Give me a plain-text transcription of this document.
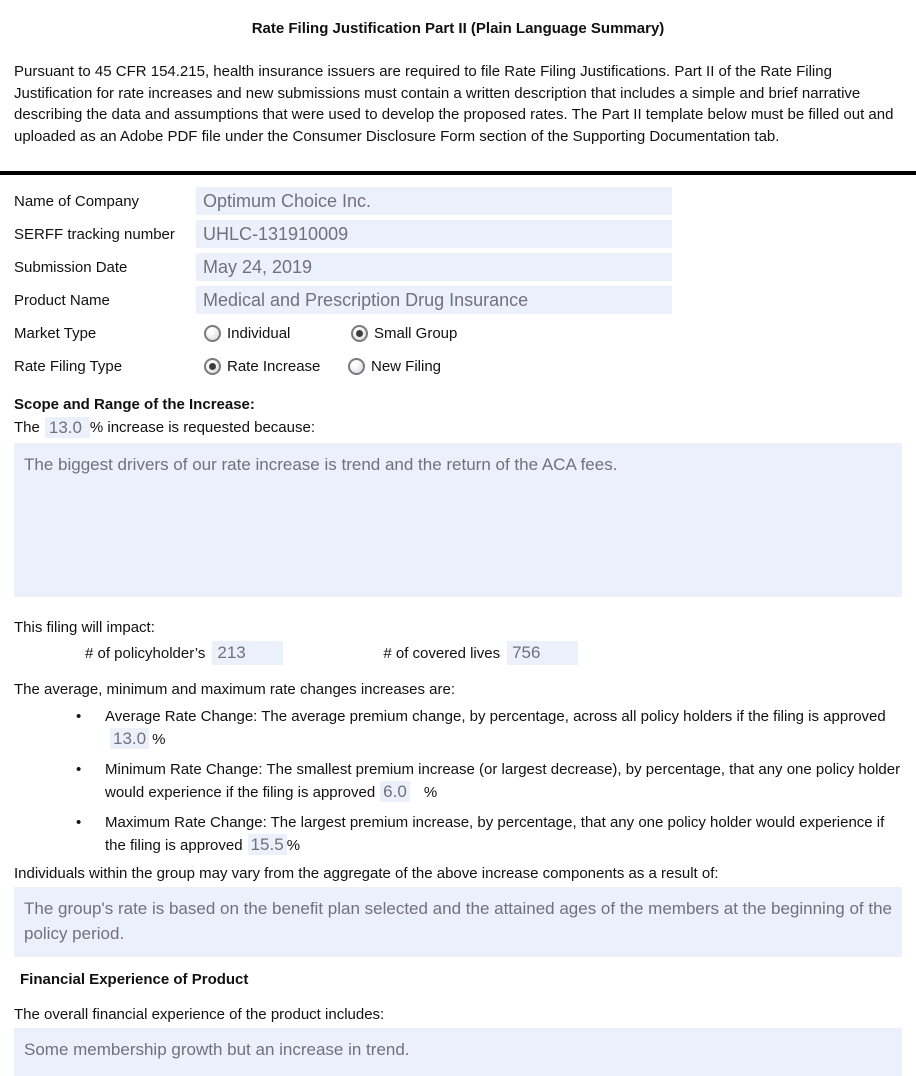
Rate Filing Justification Part II (Plain Language Summary)
Pursuant to 45 CFR 154.215, health insurance issuers are required to file Rate Filing Justifications. Part II of the Rate Filing Justification for rate increases and new submissions must contain a written description that includes a simple and brief narrative describing the data and assumptions that were used to develop the proposed rates. The Part II template below must be filled out and uploaded as an Adobe PDF file under the Consumer Disclosure Form section of the Supporting Documentation tab.
Name of Company	Optimum Choice Inc.
SERFF tracking number	UHLC-131910009
Submission Date	May 24, 2019
Product Name	Medical and Prescription Drug Insurance
Market Type	Individual	Small Group
Rate Filing Type	Rate Increase	New Filing
Scope and Range of the Increase:
The 13.0 % increase is requested because:
The biggest drivers of our rate increase is trend and the return of the ACA fees.
This filing will impact:
# of policyholder’s 213	# of covered lives 756
The average, minimum and maximum rate changes increases are:
•	Average Rate Change: The average premium change, by percentage, across all policy holders if the filing is approved13.0 %
•	Minimum Rate Change: The smallest premium increase (or largest decrease), by percentage, that any one policy holder would experience if the filing is approved 6.0 %
•	Maximum Rate Change: The largest premium increase, by percentage, that any one policy holder would experience if the filing is approved 15.5 %
Individuals within the group may vary from the aggregate of the above increase components as a result of:
The group's rate is based on the benefit plan selected and the attained ages of the members at the beginning of the policy period.
Financial Experience of Product
The overall financial experience of the product includes:
Some membership growth but an increase in trend.
